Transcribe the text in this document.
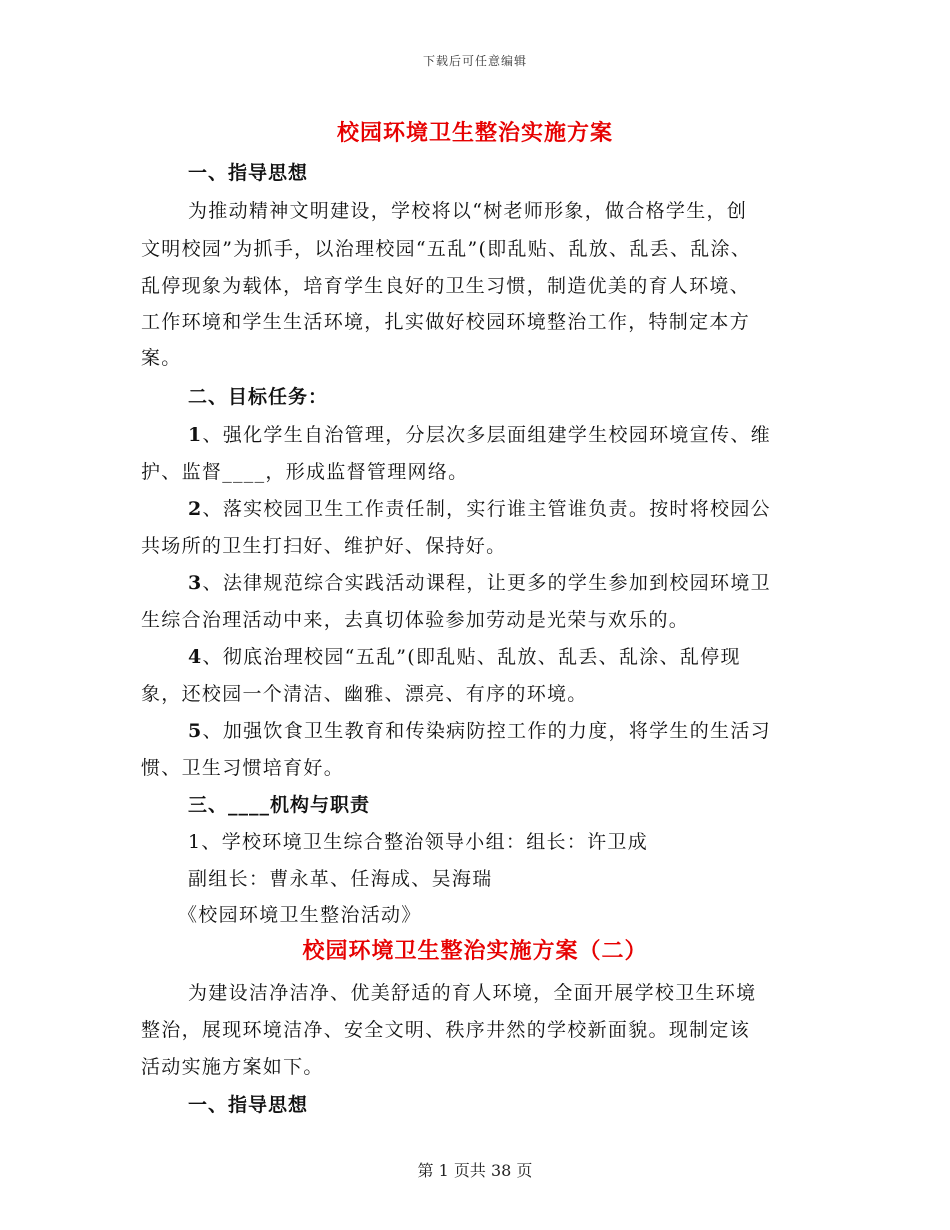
下载后可任意编辑
校园环境卫生整治实施方案
一、指导思想
为推动精神文明建设，学校将以“树老师形象，做合格学生，创
文明校园”为抓手，以治理校园“五乱”(即乱贴、乱放、乱丢、乱涂、
乱停现象为载体，培育学生良好的卫生习惯，制造优美的育人环境、
工作环境和学生生活环境，扎实做好校园环境整治工作，特制定本方
案。
二、目标任务：
1、强化学生自治管理，分层次多层面组建学生校园环境宣传、维
护、监督____，形成监督管理网络。
2、落实校园卫生工作责任制，实行谁主管谁负责。按时将校园公
共场所的卫生打扫好、维护好、保持好。
3、法律规范综合实践活动课程，让更多的学生参加到校园环境卫
生综合治理活动中来，去真切体验参加劳动是光荣与欢乐的。
4、彻底治理校园“五乱”(即乱贴、乱放、乱丢、乱涂、乱停现
象，还校园一个清洁、幽雅、漂亮、有序的环境。
5、加强饮食卫生教育和传染病防控工作的力度，将学生的生活习
惯、卫生习惯培育好。
三、____机构与职责
1、学校环境卫生综合整治领导小组：组长：许卫成
副组长：曹永革、任海成、吴海瑞
《校园环境卫生整治活动》
校园环境卫生整治实施方案（二）
为建设洁净洁净、优美舒适的育人环境，全面开展学校卫生环境
整治，展现环境洁净、安全文明、秩序井然的学校新面貌。现制定该
活动实施方案如下。
一、指导思想
第 1 页共 38 页
